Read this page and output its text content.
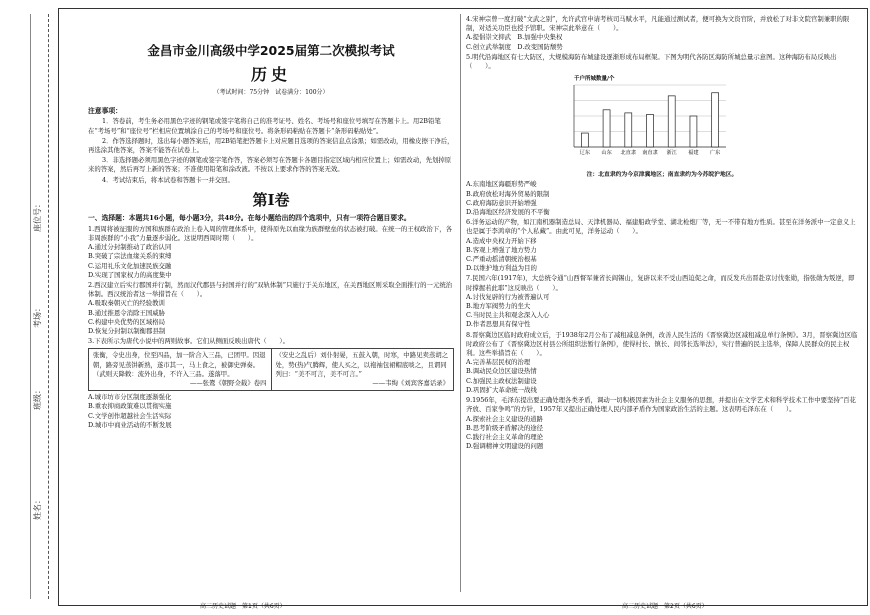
座位号：
考场：
班级：
姓名：
金昌市金川高级中学2025届第二次模拟考试
历史
（考试时间：75分钟　试卷满分：100分）
注意事项：
1．答卷前，考生务必用黑色字迹的钢笔或签字笔将自己的准考证号、姓名、考场号和座位号填写在答题卡上。用2B铅笔在“考场号”和“座位号”栏相应位置填涂自己的考场号和座位号。将条形码粘贴在答题卡“条形码粘贴处”。
2．作答选择题时，选出每小题答案后，用2B铅笔把答题卡上对应题目选项的答案信息点涂黑；如需改动，用橡皮擦干净后，再选涂其他答案，答案不能答在试卷上。
3．非选择题必须用黑色字迹的钢笔或签字笔作答，答案必须写在答题卡各题目指定区域内相应位置上；如需改动，先划掉原来的答案，然后再写上新的答案；不准使用铅笔和涂改液。不按以上要求作答的答案无效。
4．考试结束后，将本试卷和答题卡一并交回。
第Ⅰ卷
一、选择题：本题共16小题，每小题3分，共48分。在每小题给出的四个选项中，只有一项符合题目要求。
1.西周将被征服的方国和族群在政治上卷入周的管理体系中，使得原先以血缘为族群壁垒的状态被打破。在统一的王权政治下，各非周族群的“小我”力量逐步弱化。这说明西周时期（　　）。
A.通过分封制推动了政治认同
B.突破了宗法血缘关系的束缚
C.运用礼乐文化加速民族交融
D.实现了国家权力的高度集中
2.西汉建立后实行郡国并行制，然而汉代郡县与封国并行的“双轨体制”只施行于关东地区，在关西地区则采取全面推行的一元统治体制。西汉统治者这一举措旨在（　　）。
A.吸取秦朝灭亡的经验教训
B.通过推恩令消除王国威胁
C.构建中央优势的区域格局
D.恢复分封制以制衡郡县制
3.下表所示为唐代小说中的两则故事。它们从侧面反映出唐代（　　）。
张衡，令史出身，位至四品，加一阶合入三品，已团甲。因退朝，路旁见蒸饼新熟，遂市其一，马上食之，被御史弹奏。（武则天降敕：流外出身，不许入三品。遂落甲。
——张鷟《朝野佥载》卷四
（安史之乱后）刘仆射晏，五鼓入朝，时寒，中路见卖蒸胡之处，势(热)气腾辉，使人买之，以袍袖包裙帽底啖之，且谓同列曰：“美不可言，美不可言。”
——韦绚《刘宾客嘉话录》
A.城市坊市分区制度逐渐强化
B.重农抑商政策难以贯彻实施
C.文学创作超越社会生活实际
D.城市中商业活动的不断发展
4.宋神宗曾一度打破“文武之别”，允许武官申请考核司马赋水平，凡能通过测试者，便可换为文资官阶，并放松了对非文院官制兼职的限制，对适关功臣也授予馆职。宋神宗此举意在（　　）。
A.提倡崇文抑武　B.加强中央集权
C.创立武举制度　D.改变国防颓势
5.明代沿海地区有七大防区，大规模海防布城建设逐渐形成布局框架。下图为明代各防区海防所城总量示意图。这种海防布局反映出（　　）。
千户所城数量/个
辽东 山东 北直隶 南直隶 浙江 福建 广东
注：北直隶约为今京津冀地区；南直隶约为今苏皖沪地区。
A.东南地区海疆形势严峻
B.政府放松对海外贸易的限制
C.政府海防意识开始增强
D.沿海地区经济发展的不平衡
6.洋务运动的产物，如江南机器制造总局、天津机器局、福建船政学堂、湖北枪炮厂等，无一不带有地方性质。甚至在洋务派中一定意义上也是属于李鸿章的“个人私藏”。由此可见，洋务运动（　　）。
A.造成中央权力开始下移
B.客观上增强了地方势力
C.严重动摇清朝统治根基
D.以维护地方利益为目的
7.民国六年(1917年)，大总统令通“山西督军兼省长阎锡山，复辟以来不受山西迫促之命，而反发兵出晋赴京讨伐张勋，指张勋为叛逆，即时撑握若此耶”这反映出（　　）。
A.讨伐复辟的行为被普遍认可
B.地方军阀势力的坐大
C.当时民主共和观念深入人心
D.作者思想具有保守性
8.晋察冀边区临时政府成立后，于1938年2月公布了减租减息条例，改善人民生活的《晋察冀边区减租减息单行条例》。3月，晋察冀边区临时政府公布了《晋察冀边区村县公所组织法暂行条例》，使得村长、镇长、间邻长选举法》，实行普遍的民主选举，保障人民群众的民主权利。这些举措旨在（　　）。
A.完善基层民权的治理
B.调动民众边区建设热情
C.加强民主政权法制建设
D.巩固扩大革命统一战线
9.1956年，毛泽东提出要正确处理各类矛盾，调动一切积极因素为社会主义服务的思想，并提出在文学艺术和科学技术工作中要坚持“百花齐放、百家争鸣”的方针，1957年又提出正确处理人民内部矛盾作为国家政治生活的主题。这表明毛泽东在（　　）。
A.探索社会主义建设的道路
B.思考阶级矛盾解决的途径
C.践行社会主义革命的理论
D.强调精神文明建设的问题
高三历史试题　第1页（共6页）	高三历史试题　第2页（共6页）
